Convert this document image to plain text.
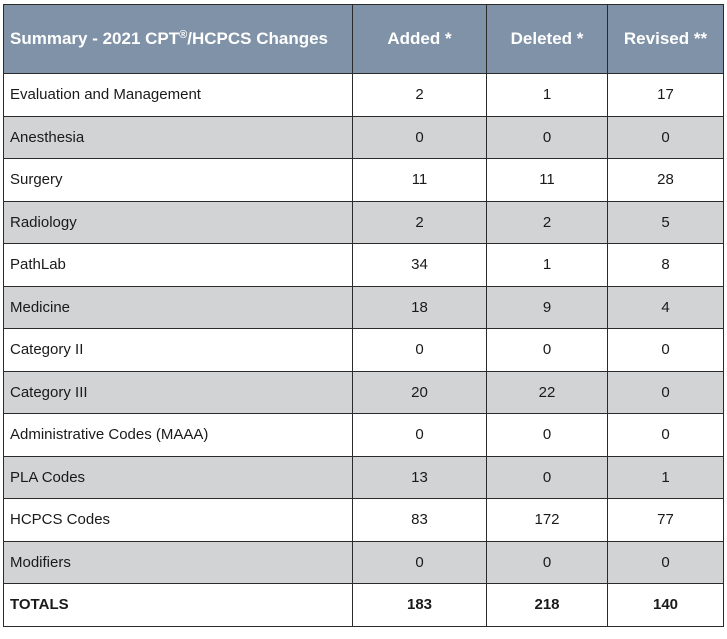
Summary - 2021 CPT®/HCPCS Changes	Added *	Deleted *	Revised **
Evaluation and Management	2	1	17
Anesthesia	0	0	0
Surgery	11	11	28
Radiology	2	2	5
PathLab	34	1	8
Medicine	18	9	4
Category II	0	0	0
Category III	20	22	0
Administrative Codes (MAAA)	0	0	0
PLA Codes	13	0	1
HCPCS Codes	83	172	77
Modifiers	0	0	0
TOTALS	183	218	140
